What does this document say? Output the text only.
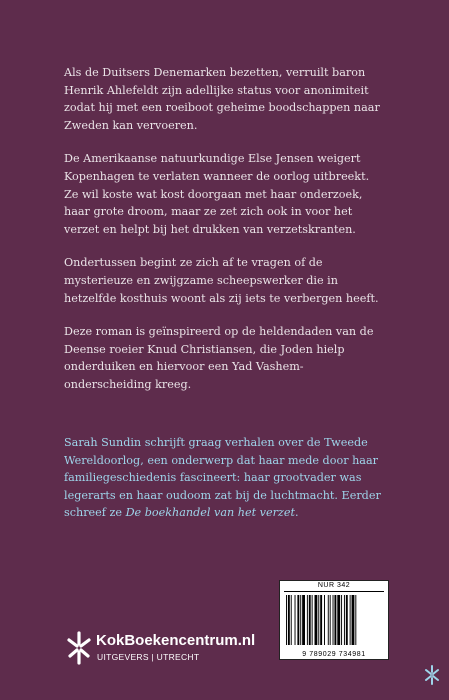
Als de Duitsers Denemarken bezetten, verruilt baron Henrik Ahlefeldt zijn adellijke status voor anonimiteit zodat hij met een roeiboot geheime boodschappen naar Zweden kan vervoeren.

De Amerikaanse natuurkundige Else Jensen weigert Kopenhagen te verlaten wanneer de oorlog uitbreekt. Ze wil koste wat kost doorgaan met haar onderzoek, haar grote droom, maar ze zet zich ook in voor het verzet en helpt bij het drukken van verzetskranten.

Ondertussen begint ze zich af te vragen of de mysterieuze en zwijgzame scheepswerker die in hetzelfde kosthuis woont als zij iets te verbergen heeft.

Deze roman is geïnspireerd op de heldendaden van de Deense roeier Knud Christiansen, die Joden hielp onderduiken en hiervoor een Yad Vashem-onderscheiding kreeg.

Sarah Sundin schrijft graag verhalen over de Tweede Wereldoorlog, een onderwerp dat haar mede door haar familiegeschiedenis fascineert: haar grootvader was legerarts en haar oudoom zat bij de luchtmacht. Eerder schreef ze De boekhandel van het verzet.

NUR 342
9 789029 734981
KokBoekencentrum.nl
UITGEVERS | UTRECHT
